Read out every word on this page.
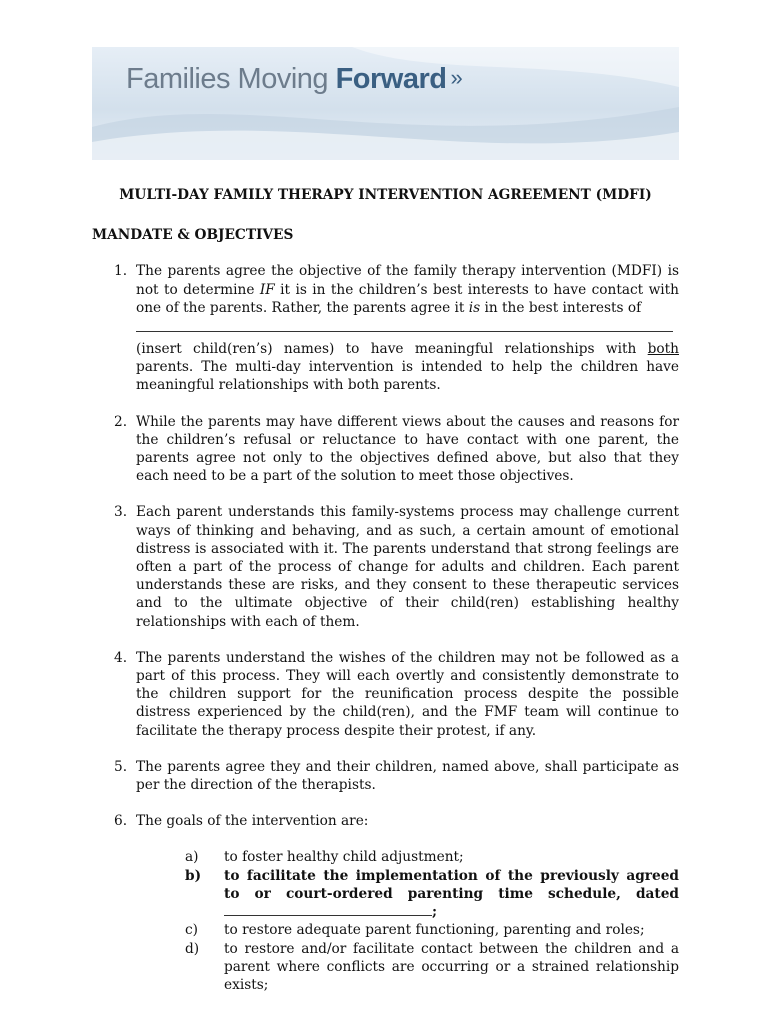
Families Moving Forward »
MULTI-DAY FAMILY THERAPY INTERVENTION AGREEMENT (MDFI)
MANDATE & OBJECTIVES
1. The parents agree the objective of the family therapy intervention (MDFI) is not to determine IF it is in the children’s best interests to have contact with one of the parents. Rather, the parents agree it is in the best interests of
(insert child(ren’s) names) to have meaningful relationships with both parents. The multi-day intervention is intended to help the children have meaningful relationships with both parents.
2. While the parents may have different views about the causes and reasons for the children’s refusal or reluctance to have contact with one parent, the parents agree not only to the objectives defined above, but also that they each need to be a part of the solution to meet those objectives.
3. Each parent understands this family-systems process may challenge current ways of thinking and behaving, and as such, a certain amount of emotional distress is associated with it. The parents understand that strong feelings are often a part of the process of change for adults and children. Each parent understands these are risks, and they consent to these therapeutic services and to the ultimate objective of their child(ren) establishing healthy relationships with each of them.
4. The parents understand the wishes of the children may not be followed as a part of this process. They will each overtly and consistently demonstrate to the children support for the reunification process despite the possible distress experienced by the child(ren), and the FMF team will continue to facilitate the therapy process despite their protest, if any.
5. The parents agree they and their children, named above, shall participate as per the direction of the therapists.
6. The goals of the intervention are:
a) to foster healthy child adjustment;
b) to facilitate the implementation of the previously agreed to or court-ordered parenting time schedule, dated ;
c) to restore adequate parent functioning, parenting and roles;
d) to restore and/or facilitate contact between the children and a parent where conflicts are occurring or a strained relationship exists;
